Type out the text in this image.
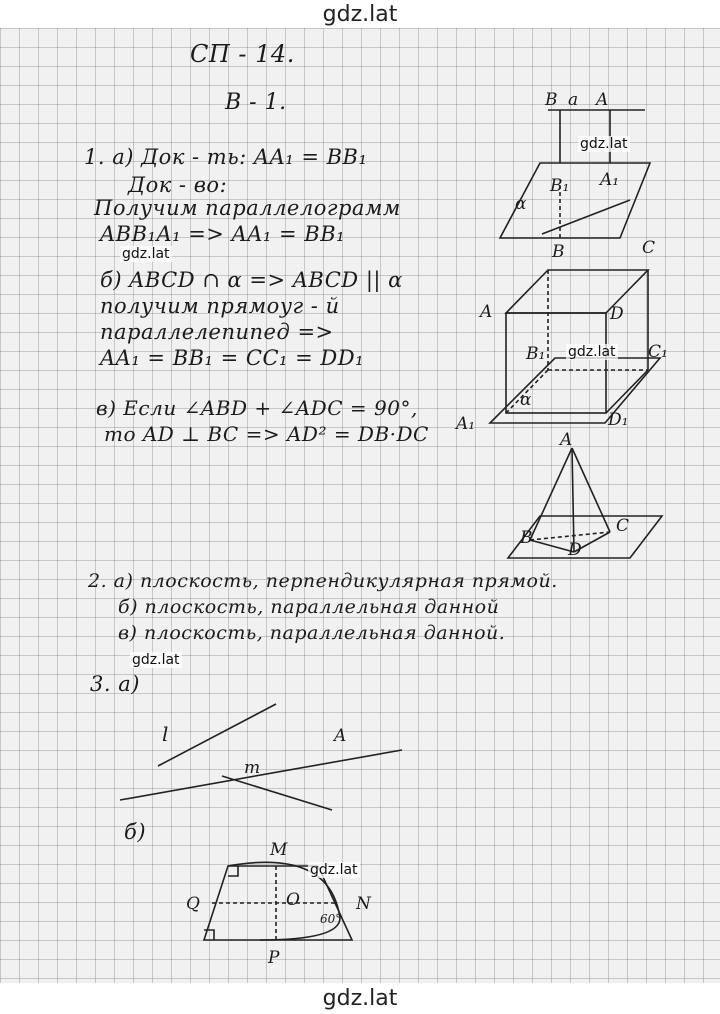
gdz.lat
СП - 14.
В - 1.
1. а) Док - ть: AA₁ = BB₁
Док - во:
Получим параллелограмм
ABB₁A₁ => AA₁ = BB₁
gdz.lat
б) ABCD ∩ α => ABCD || α
получим прямоуг - й
параллелепипед =>
AA₁ = BB₁ = CC₁ = DD₁
в) Если ∠ABD + ∠ADC = 90°,
то AD ⊥ BC => AD² = DB·DC
2. а) плоскость, перпендикулярная прямой.
б) плоскость, параллельная данной
в) плоскость, параллельная данной.
gdz.lat
3. а)
б)
B a A
gdz.lat
B₁ A₁
α
B	C
A	D
B₁ gdz.lat C₁
α
D₁
A₁
A
B
D
C
l	A
m
M
gdz.lat
O
Q	N
60°
P
gdz.lat
